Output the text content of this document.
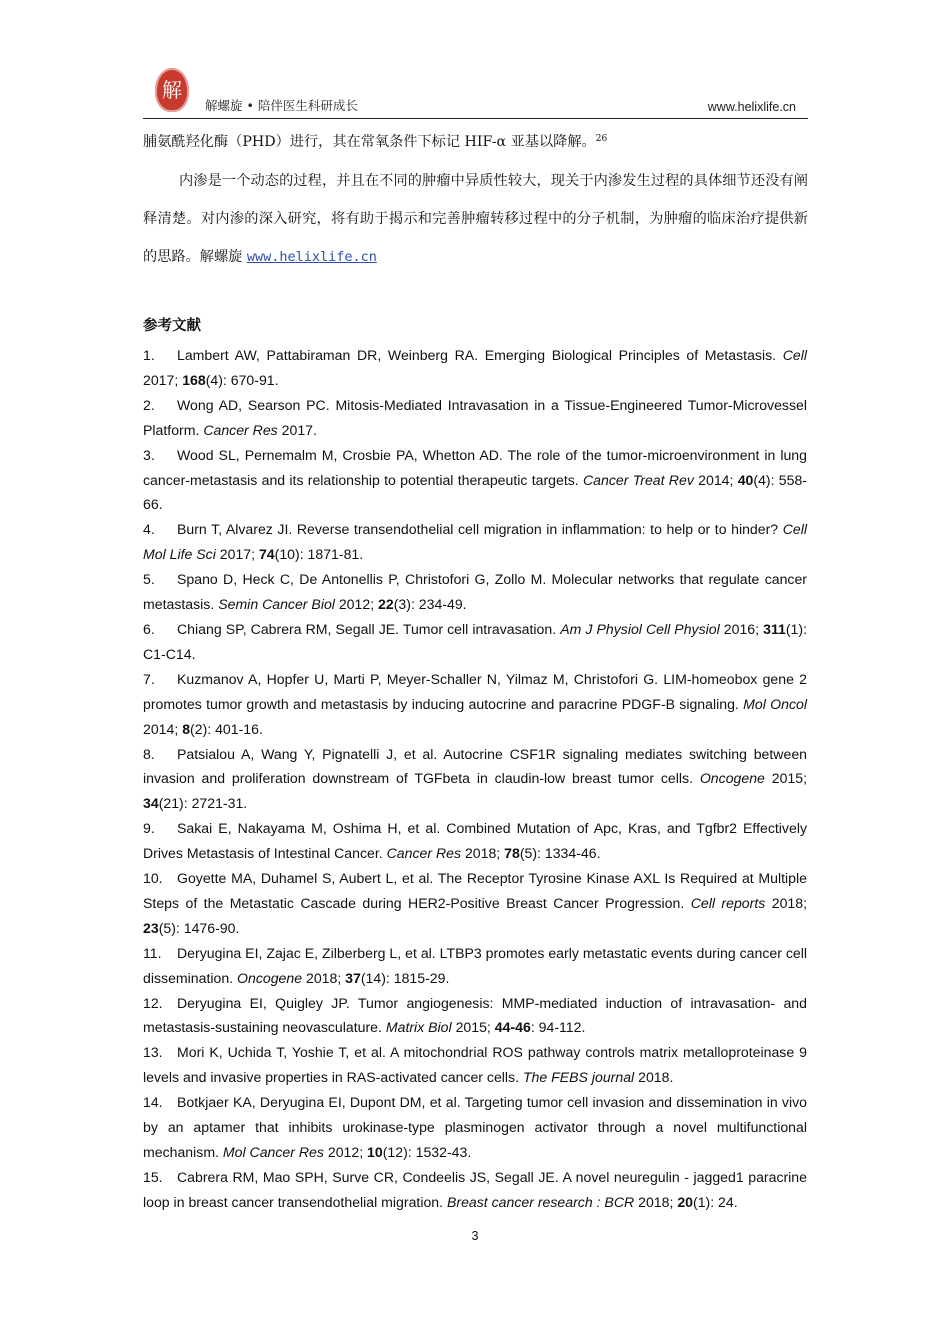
解
解螺旋 • 陪伴医生科研成长	www.helixlife.cn
脯氨酰羟化酶（PHD）进行，其在常氧条件下标记 HIF-α 亚基以降解。$^{26}$
内渗是一个动态的过程，并且在不同的肿瘤中异质性较大，现关于内渗发生过程的具体细节还没有阐释清楚。对内渗的深入研究，将有助于揭示和完善肿瘤转移过程中的分子机制，为肿瘤的临床治疗提供新的思路。解螺旋 www.helixlife.cn
参考文献

1. Lambert AW, Pattabiraman DR, Weinberg RA. Emerging Biological Principles of Metastasis. Cell 2017; 168(4): 670-91.

2. Wong AD, Searson PC. Mitosis-Mediated Intravasation in a Tissue-Engineered Tumor-Microvessel Platform. Cancer Res 2017.

3. Wood SL, Pernemalm M, Crosbie PA, Whetton AD. The role of the tumor-microenvironment in lung cancer-metastasis and its relationship to potential therapeutic targets. Cancer Treat Rev 2014; 40(4): 558-66.

4. Burn T, Alvarez JI. Reverse transendothelial cell migration in inflammation: to help or to hinder? Cell Mol Life Sci 2017; 74(10): 1871-81.

5. Spano D, Heck C, De Antonellis P, Christofori G, Zollo M. Molecular networks that regulate cancer metastasis. Semin Cancer Biol 2012; 22(3): 234-49.

6. Chiang SP, Cabrera RM, Segall JE. Tumor cell intravasation. Am J Physiol Cell Physiol 2016; 311(1): C1-C14.

7. Kuzmanov A, Hopfer U, Marti P, Meyer-Schaller N, Yilmaz M, Christofori G. LIM-homeobox gene 2 promotes tumor growth and metastasis by inducing autocrine and paracrine PDGF-B signaling. Mol Oncol 2014; 8(2): 401-16.

8. Patsialou A, Wang Y, Pignatelli J, et al. Autocrine CSF1R signaling mediates switching between invasion and proliferation downstream of TGFbeta in claudin-low breast tumor cells. Oncogene 2015; 34(21): 2721-31.

9. Sakai E, Nakayama M, Oshima H, et al. Combined Mutation of Apc, Kras, and Tgfbr2 Effectively Drives Metastasis of Intestinal Cancer. Cancer Res 2018; 78(5): 1334-46.

10. Goyette MA, Duhamel S, Aubert L, et al. The Receptor Tyrosine Kinase AXL Is Required at Multiple Steps of the Metastatic Cascade during HER2-Positive Breast Cancer Progression. Cell reports 2018; 23(5): 1476-90.

11. Deryugina EI, Zajac E, Zilberberg L, et al. LTBP3 promotes early metastatic events during cancer cell dissemination. Oncogene 2018; 37(14): 1815-29.

12. Deryugina EI, Quigley JP. Tumor angiogenesis: MMP-mediated induction of intravasation- and metastasis-sustaining neovasculature. Matrix Biol 2015; 44-46: 94-112.

13. Mori K, Uchida T, Yoshie T, et al. A mitochondrial ROS pathway controls matrix metalloproteinase 9 levels and invasive properties in RAS-activated cancer cells. The FEBS journal 2018.

14. Botkjaer KA, Deryugina EI, Dupont DM, et al. Targeting tumor cell invasion and dissemination in vivo by an aptamer that inhibits urokinase-type plasminogen activator through a novel multifunctional mechanism. Mol Cancer Res 2012; 10(12): 1532-43.

15. Cabrera RM, Mao SPH, Surve CR, Condeelis JS, Segall JE. A novel neuregulin - jagged1 paracrine loop in breast cancer transendothelial migration. Breast cancer research : BCR 2018; 20(1): 24.

3
